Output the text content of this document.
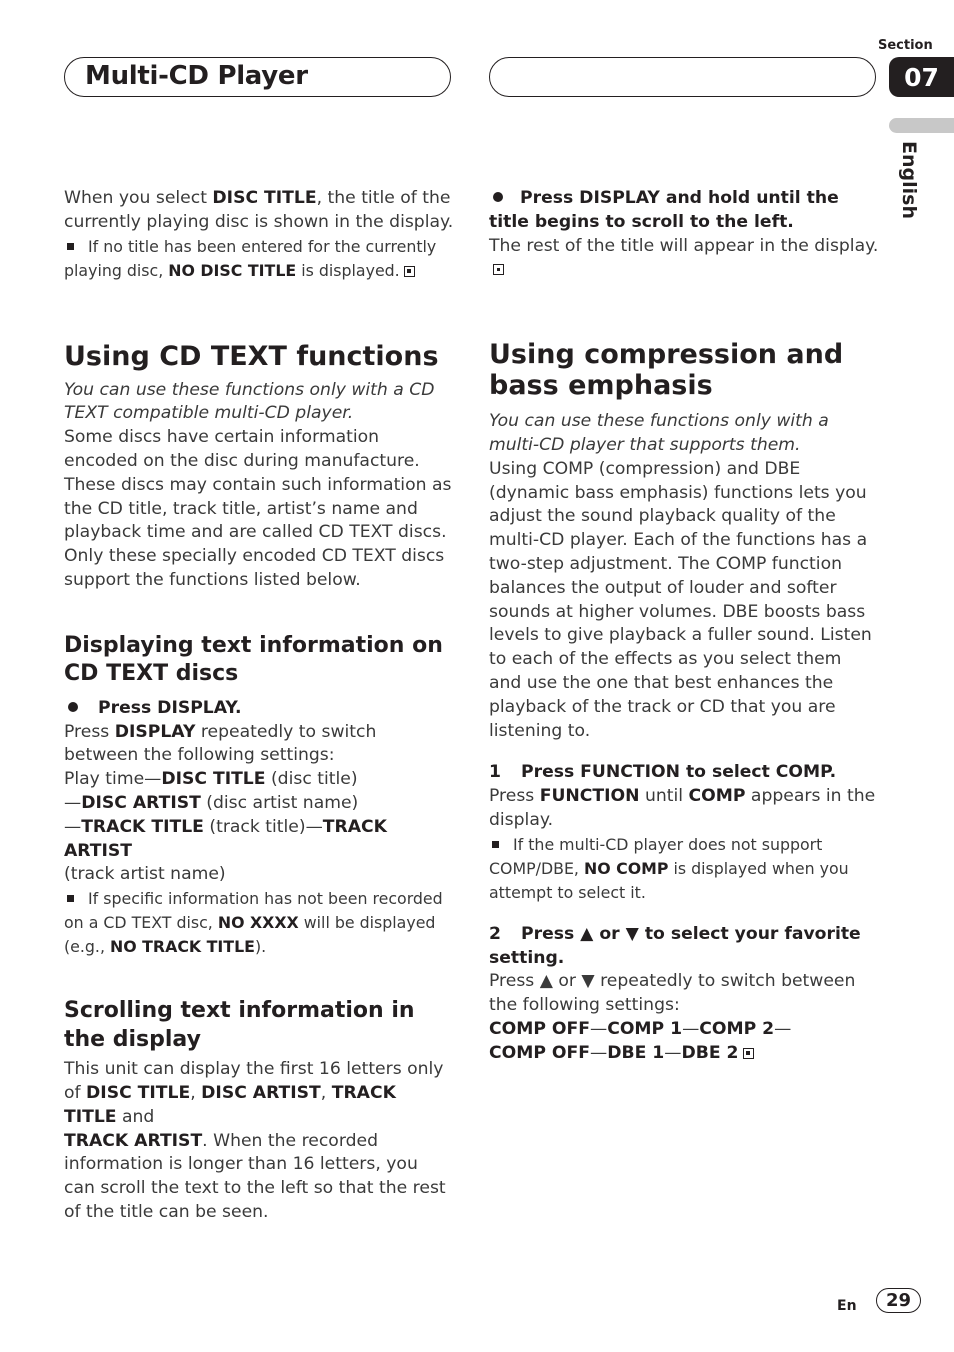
Multi-CD Player
Section
07
English

When you select DISC TITLE, the title of the currently playing disc is shown in the display.

If no title has been entered for the currently playing disc, NO DISC TITLE is displayed.

Using CD TEXT functions

You can use these functions only with a CD TEXT compatible multi-CD player.

Some discs have certain information encoded on the disc during manufacture. These discs may contain such information as the CD title, track title, artist’s name and playback time and are called CD TEXT discs. Only these specially encoded CD TEXT discs support the functions listed below.

Displaying text information on CD TEXT discs

Press DISPLAY.

Press DISPLAY repeatedly to switch between the following settings:

Play time—DISC TITLE (disc title)
—DISC ARTIST (disc artist name)
—TRACK TITLE (track title)—TRACK ARTIST
(track artist name)

If specific information has not been recorded on a CD TEXT disc, NO XXXX will be displayed (e.g., NO TRACK TITLE).

Scrolling text information in the display

This unit can display the first 16 letters only of DISC TITLE, DISC ARTIST, TRACK TITLE and
TRACK ARTIST. When the recorded information is longer than 16 letters, you can scroll the text to the left so that the rest of the title can be seen.

Press DISPLAY and hold until the title begins to scroll to the left.

The rest of the title will appear in the display.

Using compression and bass emphasis

You can use these functions only with a multi-CD player that supports them.

Using COMP (compression) and DBE (dynamic bass emphasis) functions lets you adjust the sound playback quality of the multi-CD player. Each of the functions has a two-step adjustment. The COMP function balances the output of louder and softer sounds at higher volumes. DBE boosts bass levels to give playback a fuller sound. Listen to each of the effects as you select them and use the one that best enhances the playback of the track or CD that you are listening to.

1 Press FUNCTION to select COMP.

Press FUNCTION until COMP appears in the display.

If the multi-CD player does not support COMP/DBE, NO COMP is displayed when you attempt to select it.

2 Press ▲ or ▼ to select your favorite setting.

Press ▲ or ▼ repeatedly to switch between the following settings:

COMP OFF—COMP 1—COMP 2—
COMP OFF—DBE 1—DBE 2

En 29
